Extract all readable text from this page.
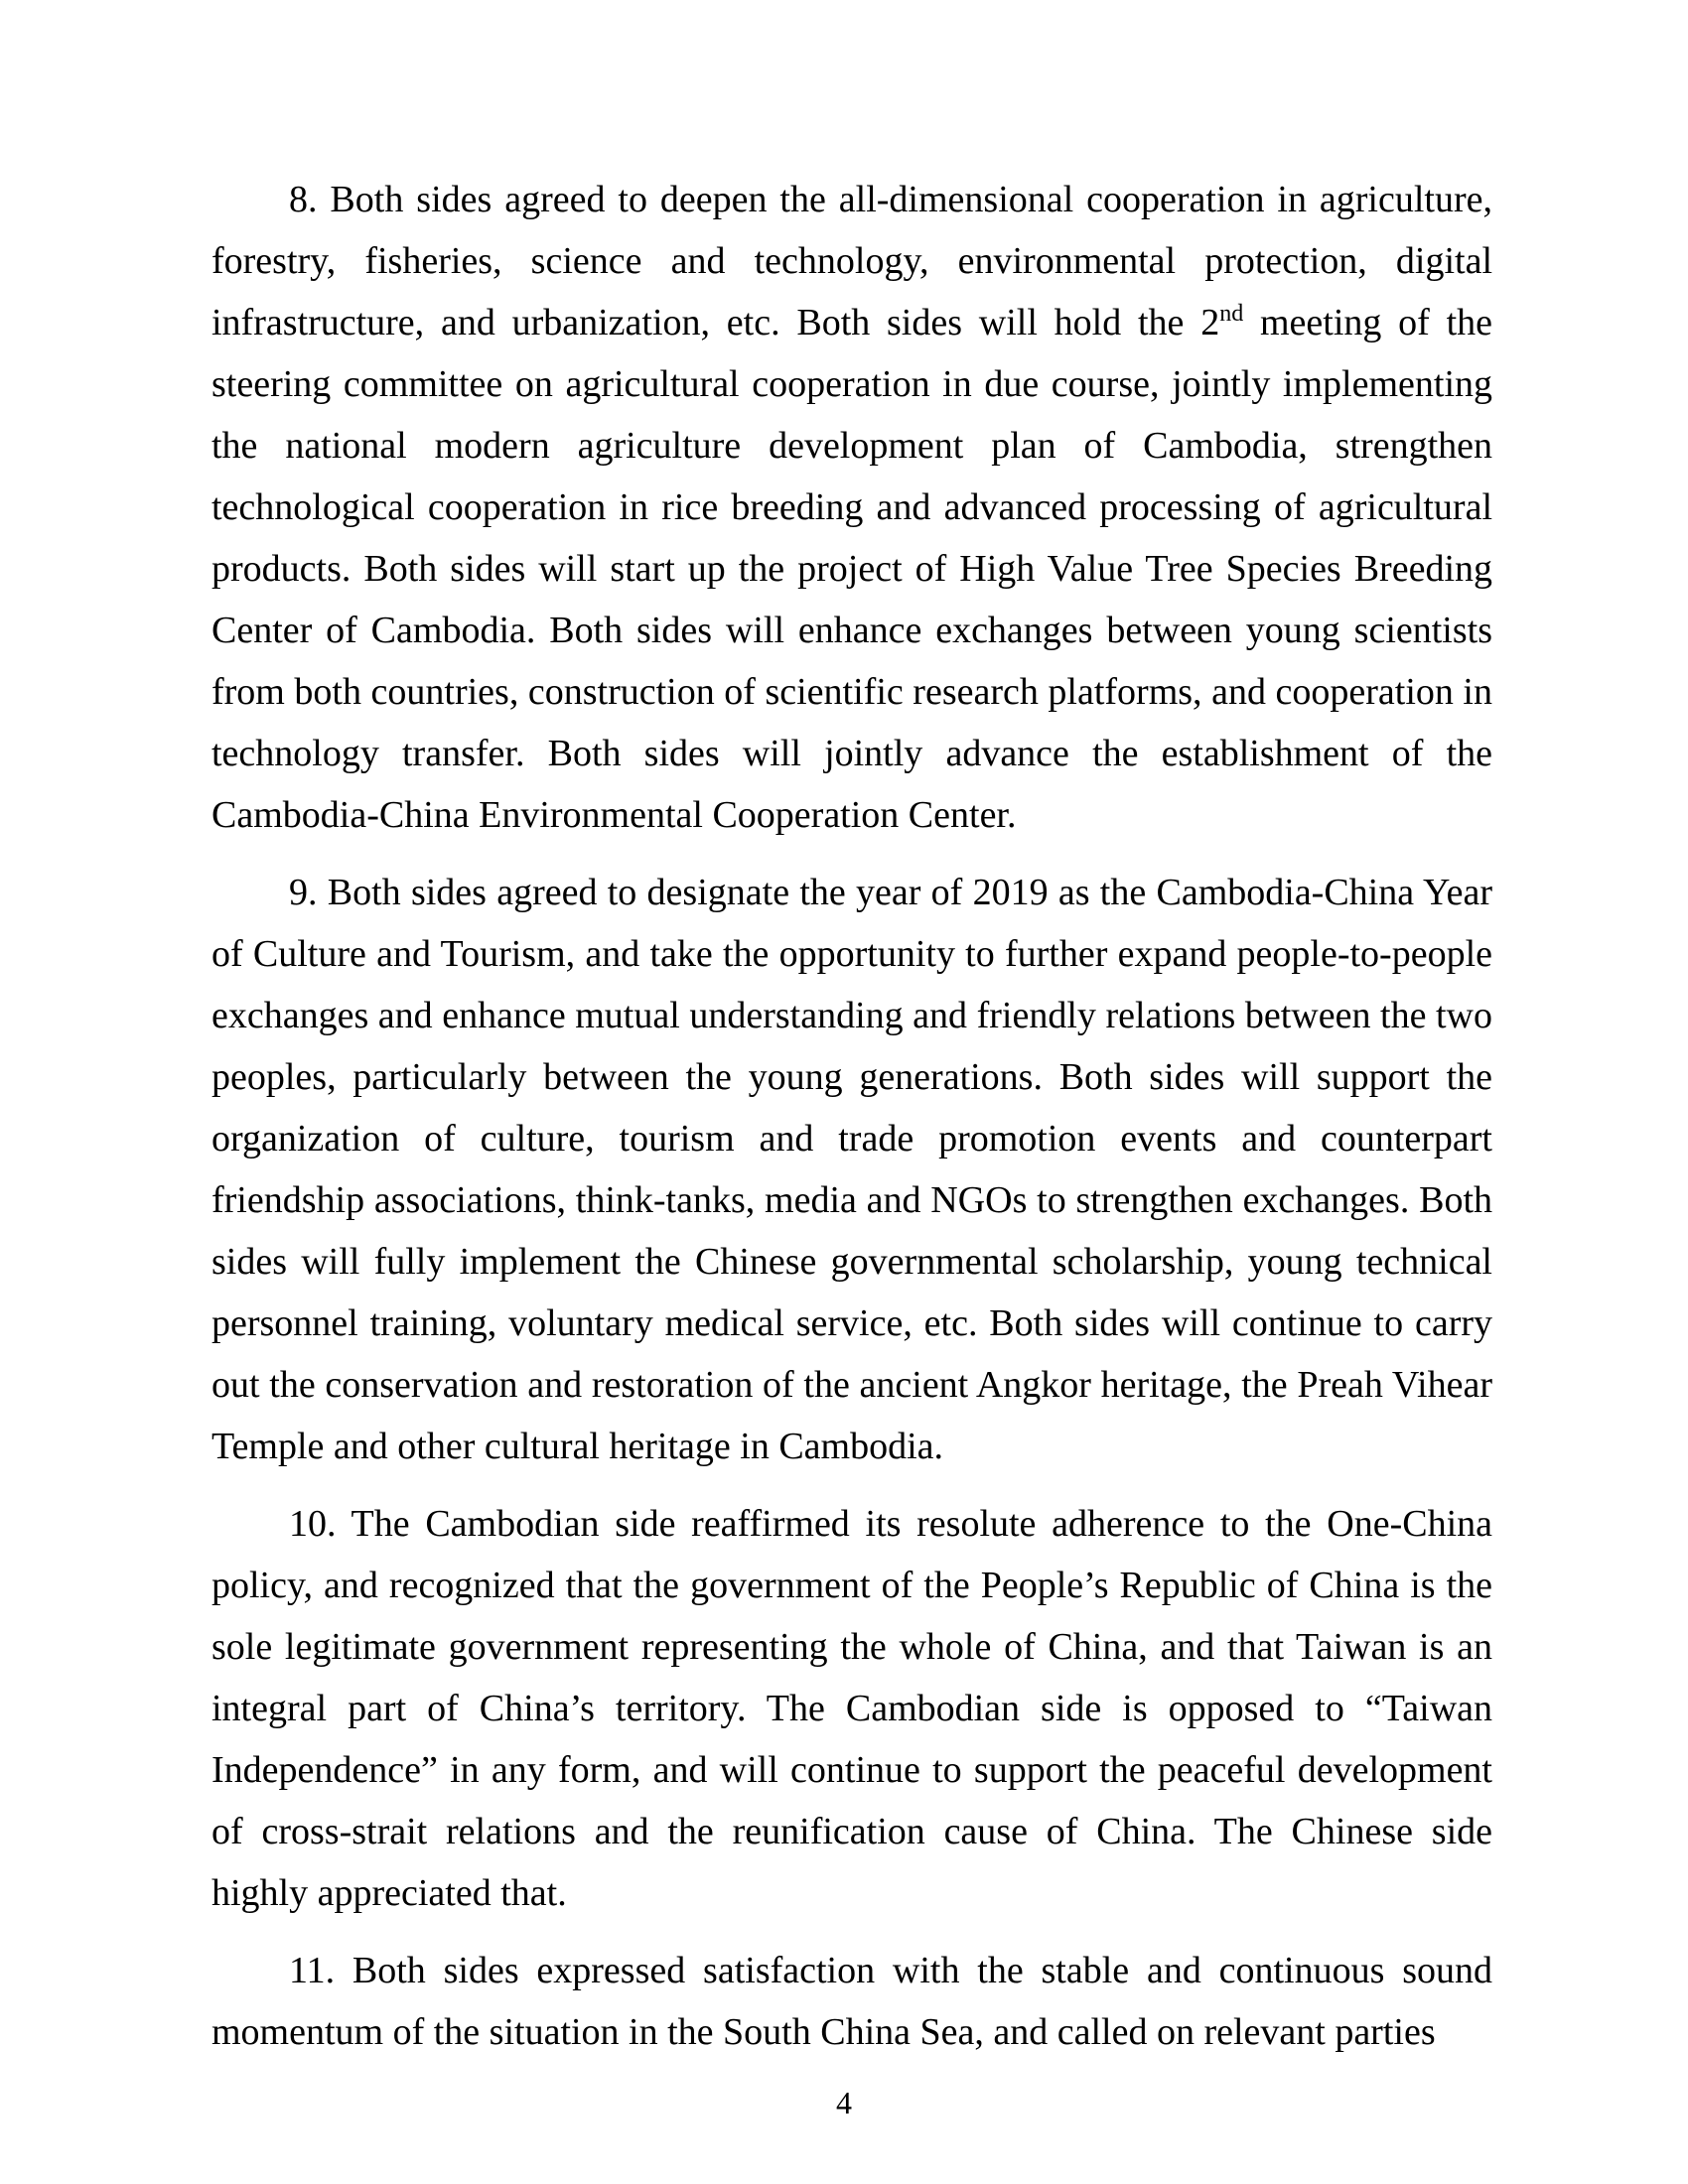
8. Both sides agreed to deepen the all-dimensional cooperation in agriculture, forestry, fisheries, science and technology, environmental protection, digital infrastructure, and urbanization, etc. Both sides will hold the 2nd meeting of the steering committee on agricultural cooperation in due course, jointly implementing the national modern agriculture development plan of Cambodia, strengthen technological cooperation in rice breeding and advanced processing of agricultural products. Both sides will start up the project of High Value Tree Species Breeding Center of Cambodia. Both sides will enhance exchanges between young scientists from both countries, construction of scientific research platforms, and cooperation in technology transfer. Both sides will jointly advance the establishment of the Cambodia-China Environmental Cooperation Center.

9. Both sides agreed to designate the year of 2019 as the Cambodia-China Year of Culture and Tourism, and take the opportunity to further expand people-to-people exchanges and enhance mutual understanding and friendly relations between the two peoples, particularly between the young generations. Both sides will support the organization of culture, tourism and trade promotion events and counterpart friendship associations, think-tanks, media and NGOs to strengthen exchanges. Both sides will fully implement the Chinese governmental scholarship, young technical personnel training, voluntary medical service, etc. Both sides will continue to carry out the conservation and restoration of the ancient Angkor heritage, the Preah Vihear Temple and other cultural heritage in Cambodia.

10. The Cambodian side reaffirmed its resolute adherence to the One-China policy, and recognized that the government of the People’s Republic of China is the sole legitimate government representing the whole of China, and that Taiwan is an integral part of China’s territory. The Cambodian side is opposed to “Taiwan Independence” in any form, and will continue to support the peaceful development of cross-strait relations and the reunification cause of China. The Chinese side highly appreciated that.

11. Both sides expressed satisfaction with the stable and continuous sound momentum of the situation in the South China Sea, and called on relevant parties

4
